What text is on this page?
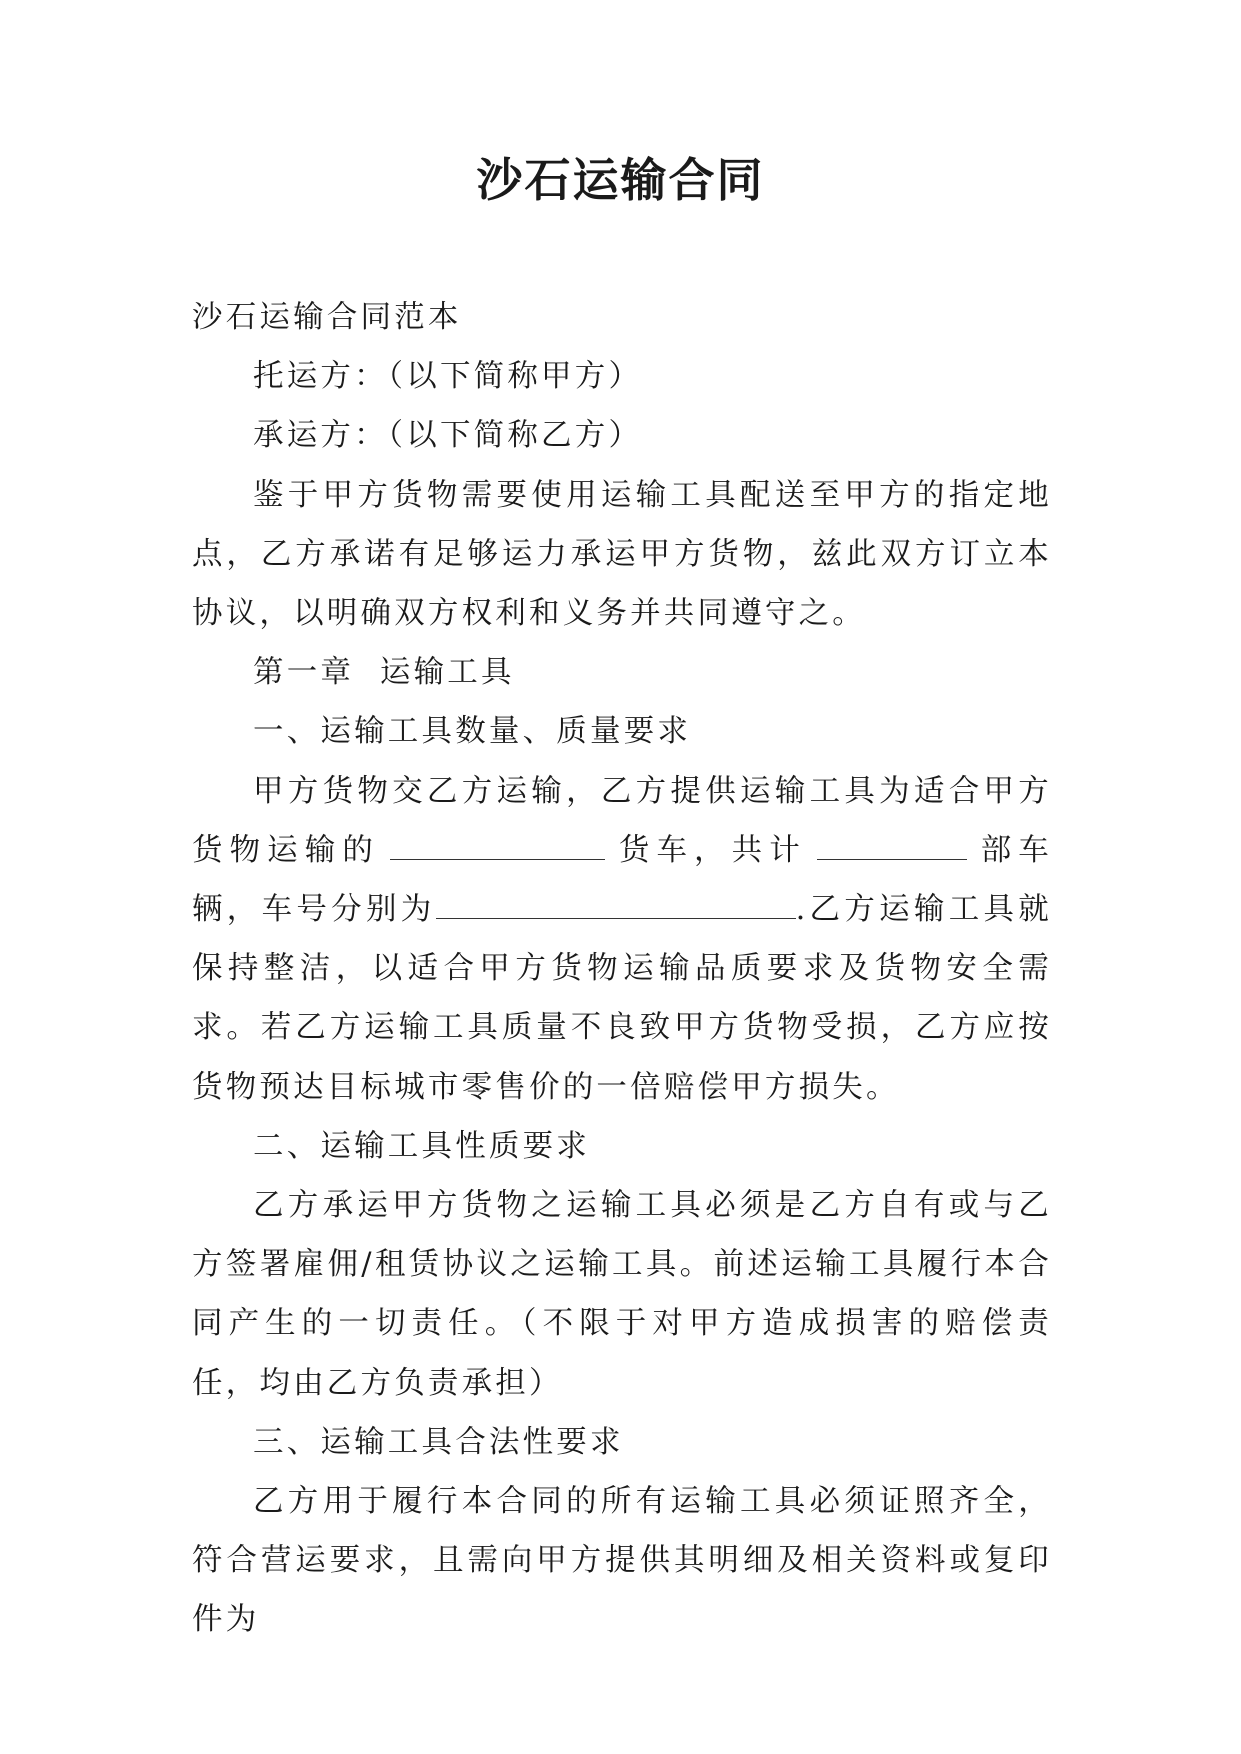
沙石运输合同

沙石运输合同范本

托运方：（以下简称甲方）

承运方：（以下简称乙方）

鉴于甲方货物需要使用运输工具配送至甲方的指定地点，乙方承诺有足够运力承运甲方货物，兹此双方订立本协议，以明确双方权利和义务并共同遵守之。

第一章  运输工具

一、运输工具数量、质量要求

甲方货物交乙方运输，乙方提供运输工具为适合甲方货物运输的	货车，共计	部车辆，车号分别为	.乙方运输工具就保持整洁，以适合甲方货物运输品质要求及货物安全需求。若乙方运输工具质量不良致甲方货物受损，乙方应按货物预达目标城市零售价的一倍赔偿甲方损失。

二、运输工具性质要求

乙方承运甲方货物之运输工具必须是乙方自有或与乙方签署雇佣/租赁协议之运输工具。前述运输工具履行本合同产生的一切责任。（不限于对甲方造成损害的赔偿责任，均由乙方负责承担）

三、运输工具合法性要求

乙方用于履行本合同的所有运输工具必须证照齐全，符合营运要求，且需向甲方提供其明细及相关资料或复印件为
